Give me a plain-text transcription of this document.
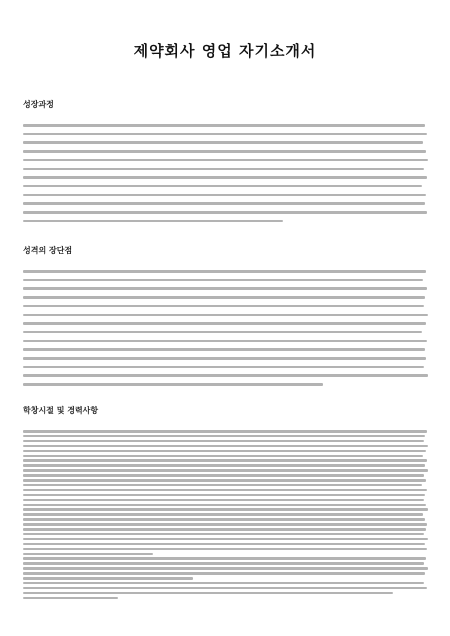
제약회사 영업 자기소개서
성장과정
성격의 장단점
학창시절 및 경력사항
